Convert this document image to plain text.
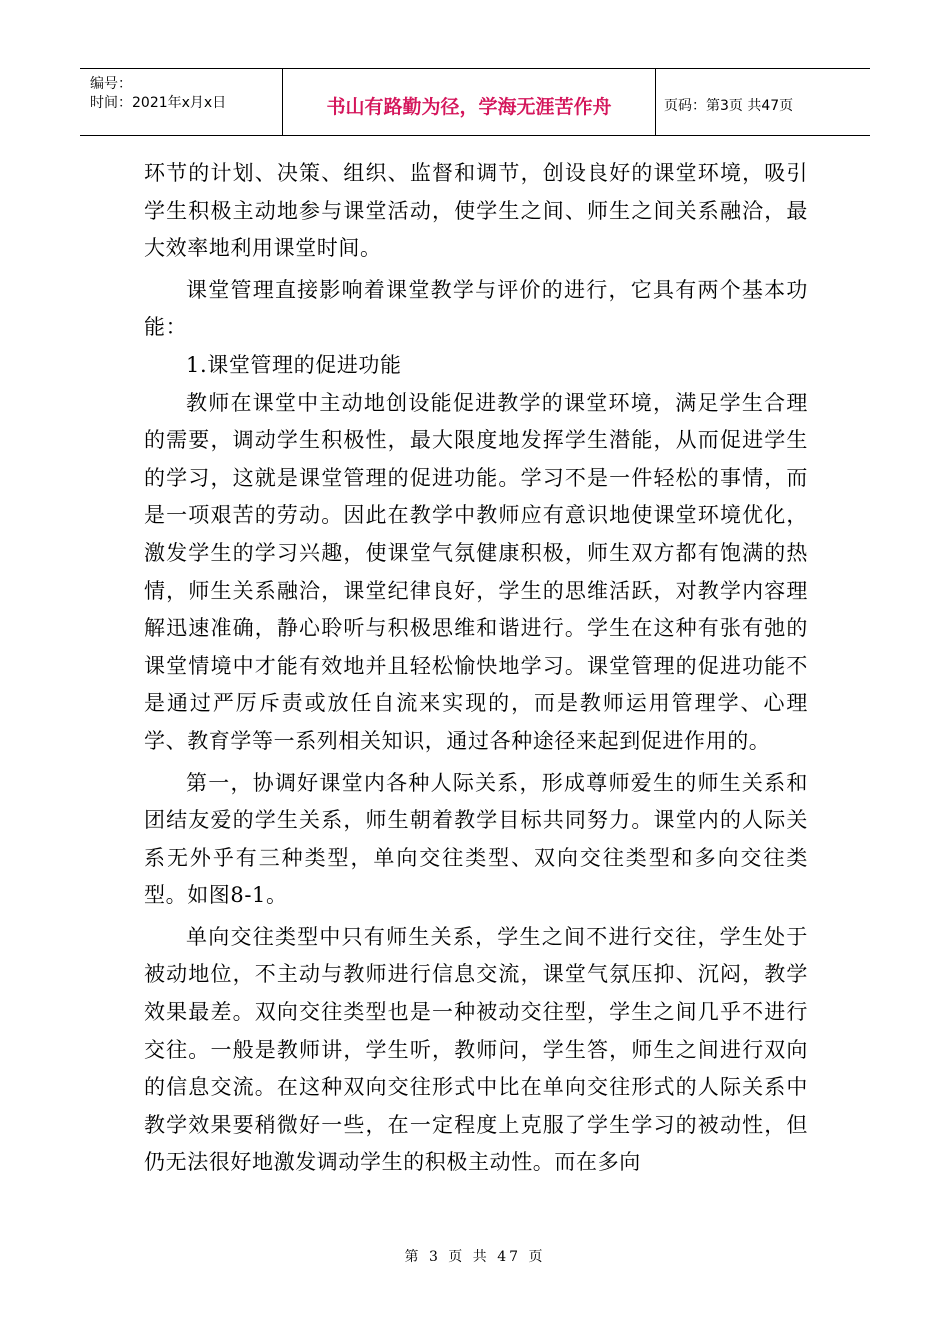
编号：
时间：2021年x月x日	书山有路勤为径，学海无涯苦作舟	页码：第3页 共47页

环节的计划、决策、组织、监督和调节，创设良好的课堂环境，吸引学生积极主动地参与课堂活动，使学生之间、师生之间关系融洽，最大效率地利用课堂时间。

课堂管理直接影响着课堂教学与评价的进行，它具有两个基本功能：

1.课堂管理的促进功能

教师在课堂中主动地创设能促进教学的课堂环境，满足学生合理的需要，调动学生积极性，最大限度地发挥学生潜能，从而促进学生的学习，这就是课堂管理的促进功能。学习不是一件轻松的事情，而是一项艰苦的劳动。因此在教学中教师应有意识地使课堂环境优化，激发学生的学习兴趣，使课堂气氛健康积极，师生双方都有饱满的热情，师生关系融洽，课堂纪律良好，学生的思维活跃，对教学内容理解迅速准确，静心聆听与积极思维和谐进行。学生在这种有张有弛的课堂情境中才能有效地并且轻松愉快地学习。课堂管理的促进功能不是通过严厉斥责或放任自流来实现的，而是教师运用管理学、心理学、教育学等一系列相关知识，通过各种途径来起到促进作用的。

第一，协调好课堂内各种人际关系，形成尊师爱生的师生关系和团结友爱的学生关系，师生朝着教学目标共同努力。课堂内的人际关系无外乎有三种类型，单向交往类型、双向交往类型和多向交往类型。如图8-1。

单向交往类型中只有师生关系，学生之间不进行交往，学生处于被动地位，不主动与教师进行信息交流，课堂气氛压抑、沉闷，教学效果最差。双向交往类型也是一种被动交往型，学生之间几乎不进行交往。一般是教师讲，学生听，教师问，学生答，师生之间进行双向的信息交流。在这种双向交往形式中比在单向交往形式的人际关系中教学效果要稍微好一些，在一定程度上克服了学生学习的被动性，但仍无法很好地激发调动学生的积极主动性。而在多向

第 3 页 共 47 页
